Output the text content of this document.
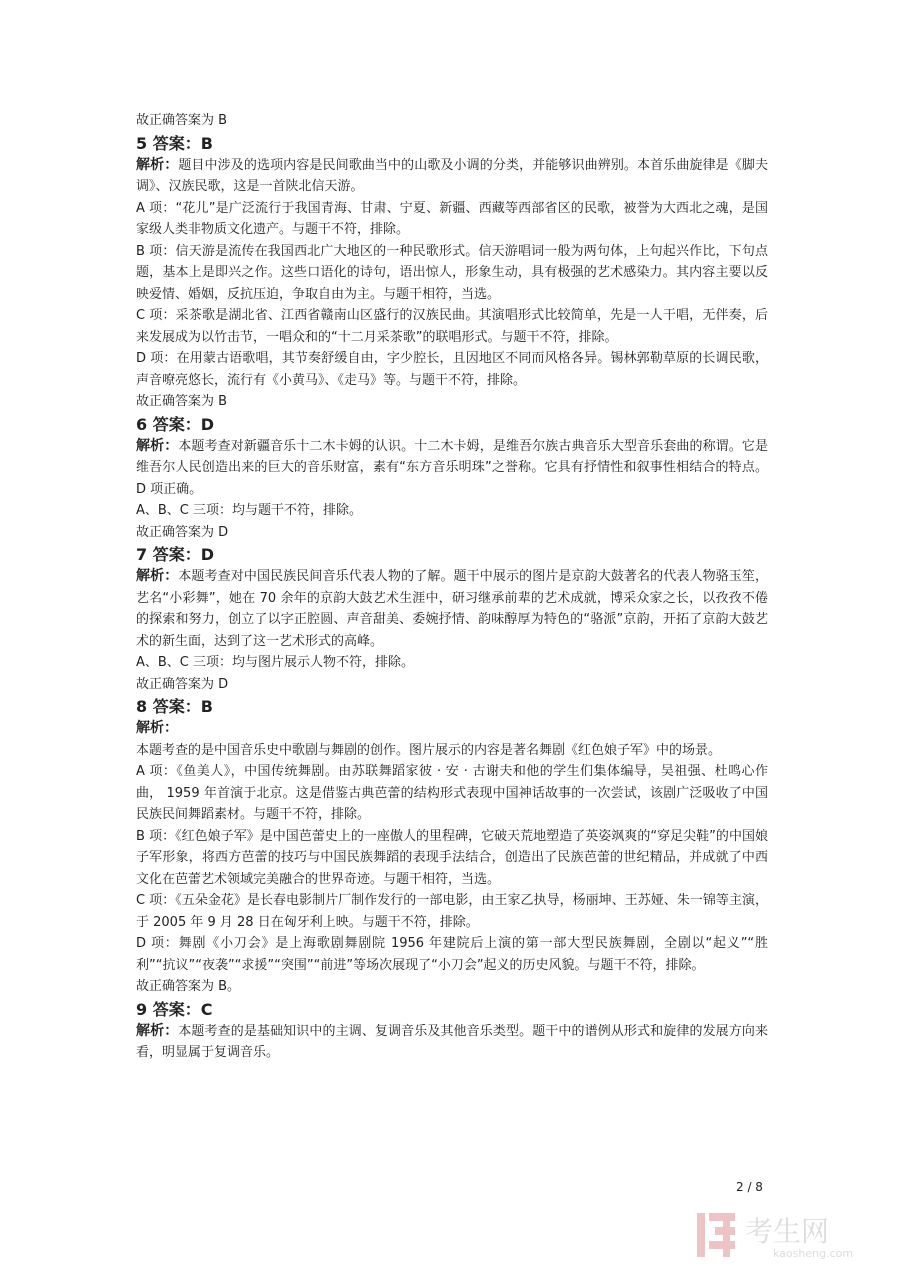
故正确答案为 B

5 答案：B

解析：题目中涉及的选项内容是民间歌曲当中的山歌及小调的分类，并能够识曲辨别。本首乐曲旋律是《脚夫调》、汉族民歌，这是一首陕北信天游。

A 项：“花儿”是广泛流行于我国青海、甘肃、宁夏、新疆、西藏等西部省区的民歌，被誉为大西北之魂，是国家级人类非物质文化遗产。与题干不符，排除。

B 项：信天游是流传在我国西北广大地区的一种民歌形式。信天游唱词一般为两句体，上句起兴作比，下句点题，基本上是即兴之作。这些口语化的诗句，语出惊人，形象生动，具有极强的艺术感染力。其内容主要以反映爱情、婚姻，反抗压迫，争取自由为主。与题干相符，当选。

C 项：采茶歌是湖北省、江西省赣南山区盛行的汉族民曲。其演唱形式比较简单，先是一人干唱，无伴奏，后来发展成为以竹击节，一唱众和的“十二月采茶歌”的联唱形式。与题干不符，排除。

D 项：在用蒙古语歌唱，其节奏舒缓自由，字少腔长，且因地区不同而风格各异。锡林郭勒草原的长调民歌，声音嘹亮悠长，流行有《小黄马》、《走马》等。与题干不符，排除。

故正确答案为 B

6 答案：D

解析：本题考查对新疆音乐十二木卡姆的认识。十二木卡姆，是维吾尔族古典音乐大型音乐套曲的称谓。它是维吾尔人民创造出来的巨大的音乐财富，素有“东方音乐明珠”之誉称。它具有抒情性和叙事性相结合的特点。D 项正确。

A、B、C 三项：均与题干不符，排除。

故正确答案为 D

7 答案：D

解析：本题考查对中国民族民间音乐代表人物的了解。题干中展示的图片是京韵大鼓著名的代表人物骆玉笙，艺名“小彩舞”，她在 70 余年的京韵大鼓艺术生涯中，研习继承前辈的艺术成就，博采众家之长，以孜孜不倦的探索和努力，创立了以字正腔圆、声音甜美、委婉抒情、韵味醇厚为特色的“骆派”京韵，开拓了京韵大鼓艺术的新生面，达到了这一艺术形式的高峰。

A、B、C 三项：均与图片展示人物不符，排除。

故正确答案为 D

8 答案：B

解析：

本题考查的是中国音乐史中歌剧与舞剧的创作。图片展示的内容是著名舞剧《红色娘子军》中的场景。

A 项：《鱼美人》，中国传统舞剧。由苏联舞蹈家彼 · 安 · 古谢夫和他的学生们集体编导，吴祖强、杜鸣心作曲， 1959 年首演于北京。这是借鉴古典芭蕾的结构形式表现中国神话故事的一次尝试，该剧广泛吸收了中国民族民间舞蹈素材。与题干不符，排除。

B 项：《红色娘子军》是中国芭蕾史上的一座傲人的里程碑，它破天荒地塑造了英姿飒爽的“穿足尖鞋”的中国娘子军形象，将西方芭蕾的技巧与中国民族舞蹈的表现手法结合，创造出了民族芭蕾的世纪精品，并成就了中西文化在芭蕾艺术领域完美融合的世界奇迹。与题干相符，当选。

C 项：《五朵金花》是长春电影制片厂制作发行的一部电影，由王家乙执导，杨丽坤、王苏娅、朱一锦等主演，于 2005 年 9 月 28 日在匈牙利上映。与题干不符，排除。

D 项：舞剧《小刀会》是上海歌剧舞剧院 1956 年建院后上演的第一部大型民族舞剧，全剧以“起义”“胜利”“抗议”“夜袭”“求援”“突围”“前进”等场次展现了“小刀会”起义的历史风貌。与题干不符，排除。

故正确答案为 B。

9 答案：C

解析：本题考查的是基础知识中的主调、复调音乐及其他音乐类型。题干中的谱例从形式和旋律的发展方向来看，明显属于复调音乐。

2 / 8
考生网
kaosheng.com
